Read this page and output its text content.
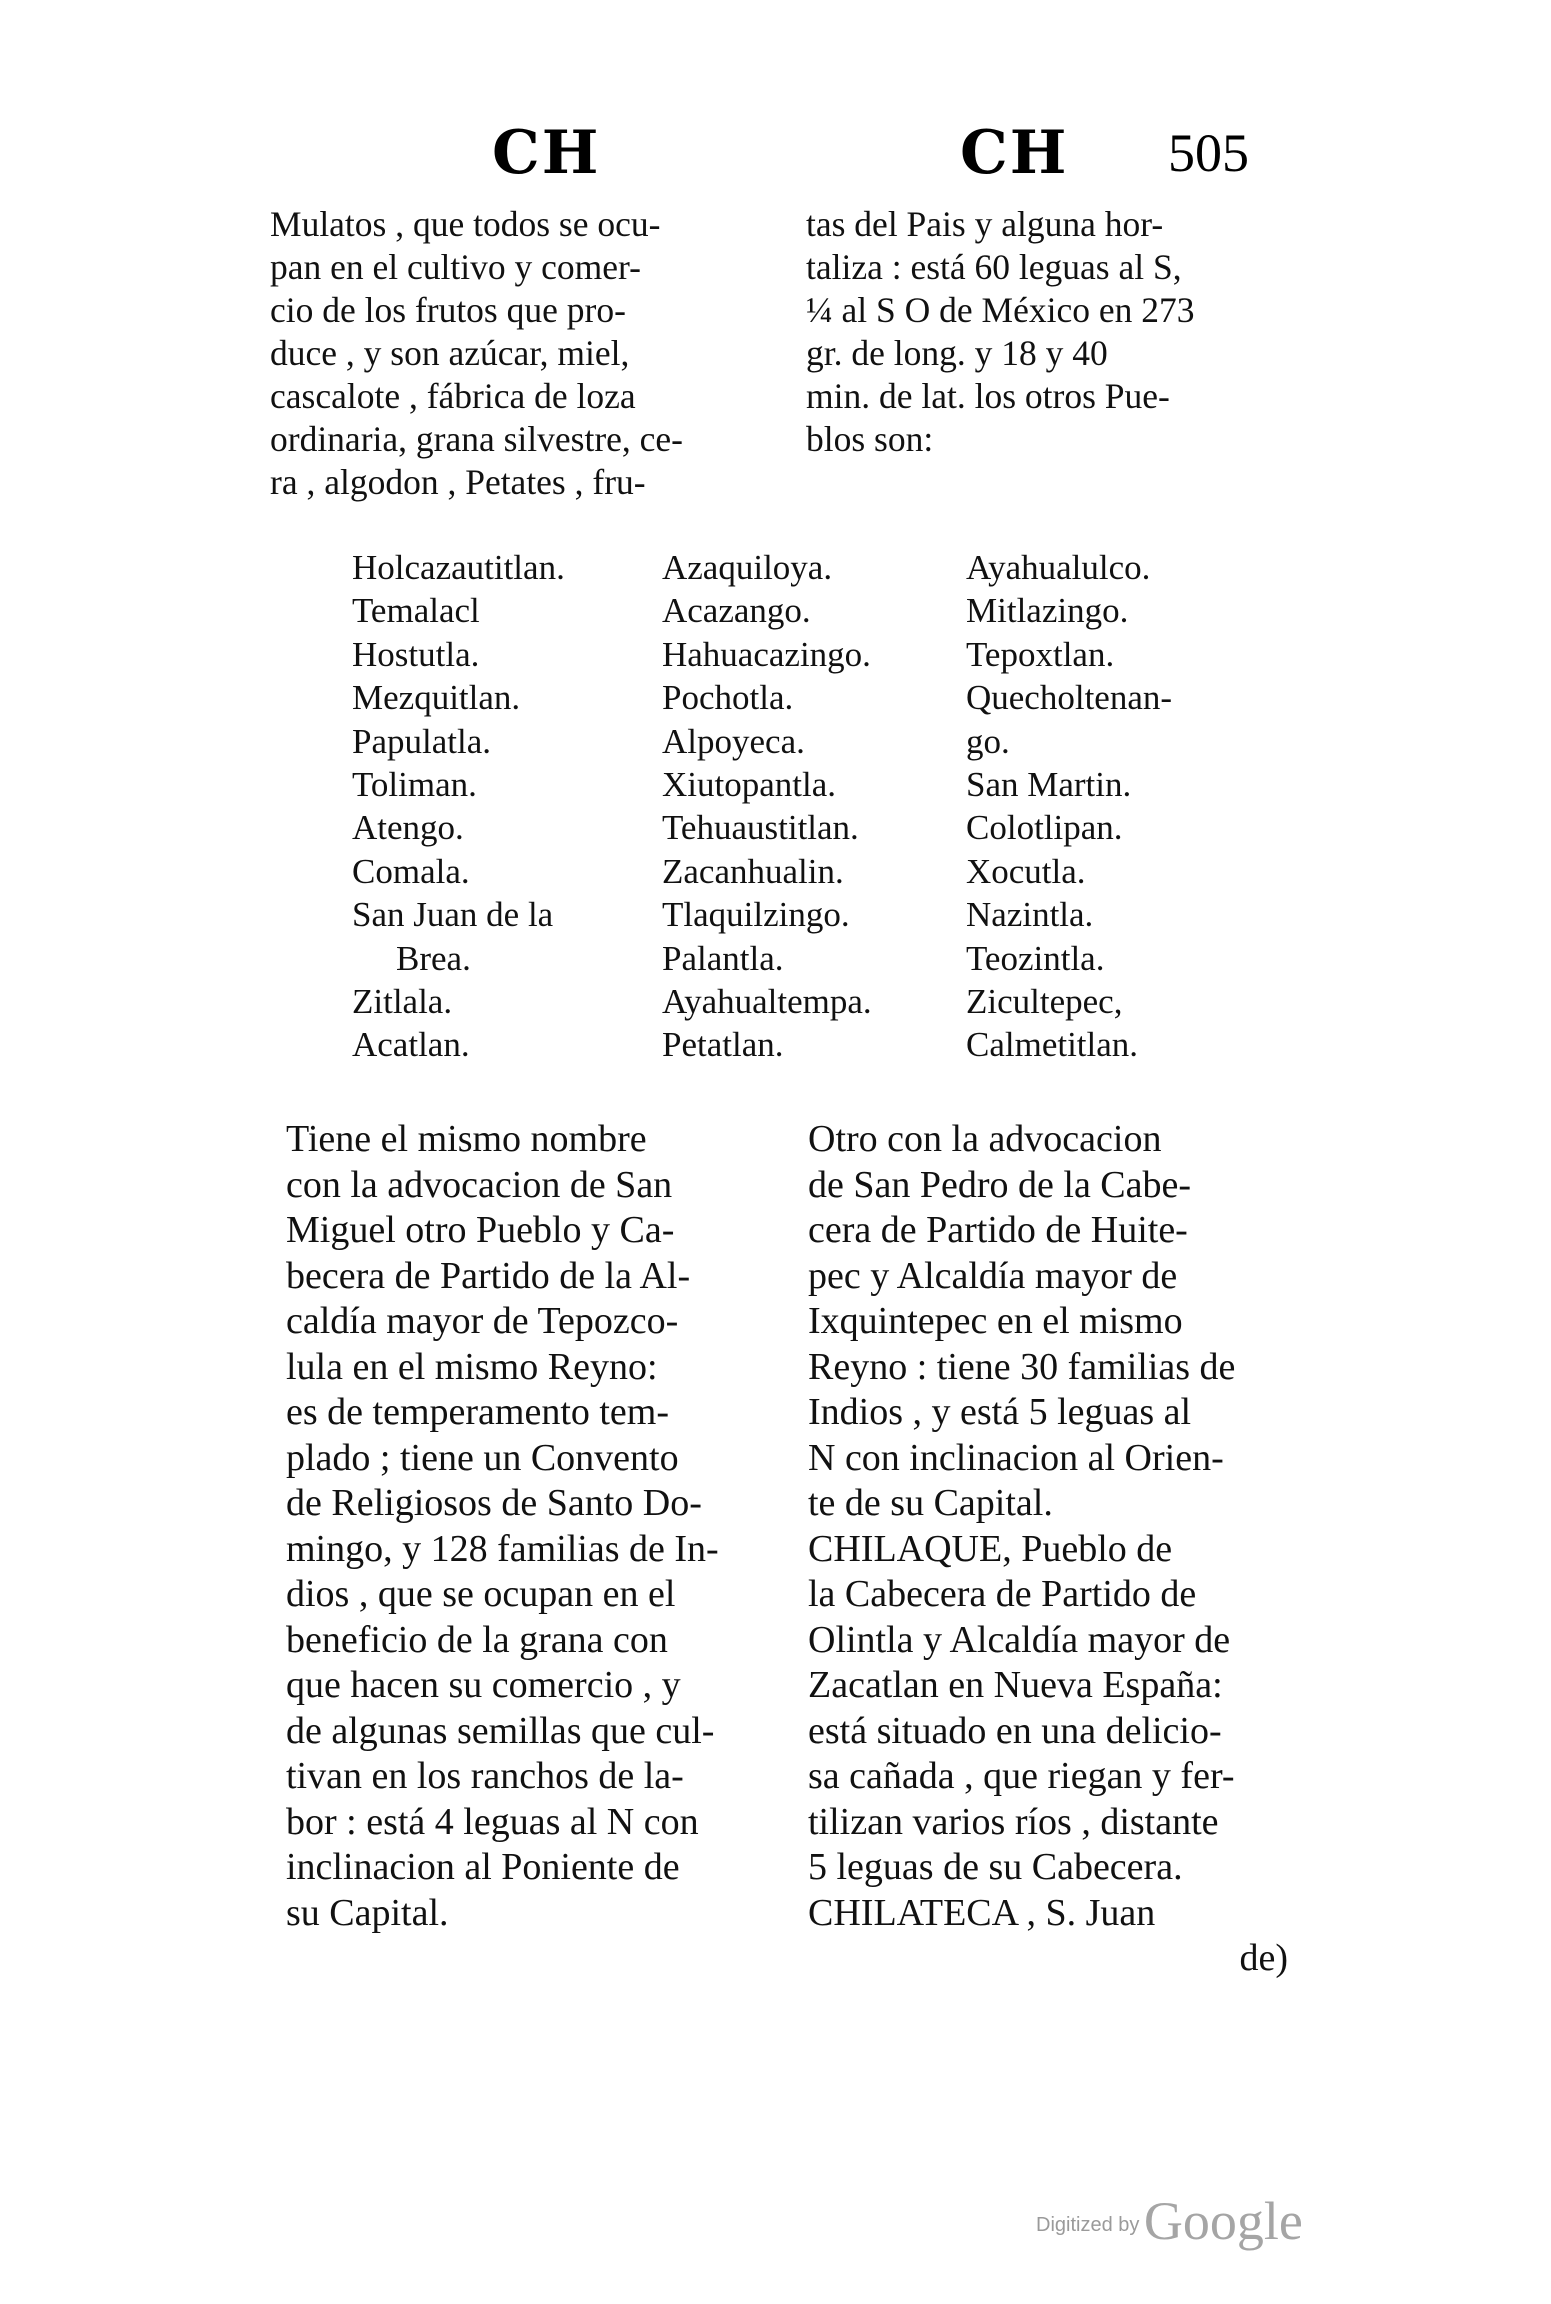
CH	CH 505

Mulatos , que todos se ocu-

pan en el cultivo y comer-

cio de los frutos que pro-

duce , y son azúcar, miel,

cascalote , fábrica de loza

ordinaria, grana silvestre, ce-

ra , algodon , Petates , fru-

tas del Pais y alguna hor-

taliza : está 60 leguas al S,

¼ al S O de México en 273

gr. de long. y 18 y 40

min. de lat. los otros Pue-

blos son:

Holcazautitlan.
Temalacl
Hostutla.
Mezquitlan.
Papulatla.
Toliman.
Atengo.
Comala.
San Juan de la
Brea.
Zitlala.
Acatlan.
Azaquiloya.
Acazango.
Hahuacazingo.
Pochotla.
Alpoyeca.
Xiutopantla.
Tehuaustitlan.
Zacanhualin.
Tlaquilzingo.
Palantla.
Ayahualtempa.
Petatlan.
Ayahualulco.
Mitlazingo.
Tepoxtlan.
Quecholtenan-
go.
San Martin.
Colotlipan.
Xocutla.
Nazintla.
Teozintla.
Zicultepec,
Calmetitlan.

Tiene el mismo nombre

con la advocacion de San

Miguel otro Pueblo y Ca-

becera de Partido de la Al-

caldía mayor de Tepozco-

lula en el mismo Reyno:

es de temperamento tem-

plado ; tiene un Convento

de Religiosos de Santo Do-

mingo, y 128 familias de In-

dios , que se ocupan en el

beneficio de la grana con

que hacen su comercio , y

de algunas semillas que cul-

tivan en los ranchos de la-

bor : está 4 leguas al N con

inclinacion al Poniente de

su Capital.

Otro con la advocacion

de San Pedro de la Cabe-

cera de Partido de Huite-

pec y Alcaldía mayor de

Ixquintepec en el mismo

Reyno : tiene 30 familias de

Indios , y está 5 leguas al

N con inclinacion al Orien-

te de su Capital.

CHILAQUE, Pueblo de

la Cabecera de Partido de

Olintla y Alcaldía mayor de

Zacatlan en Nueva España:

está situado en una delicio-

sa cañada , que riegan y fer-

tilizan varios ríos , distante

5 leguas de su Cabecera.

CHILATECA , S. Juan

de)

Digitized by Google
